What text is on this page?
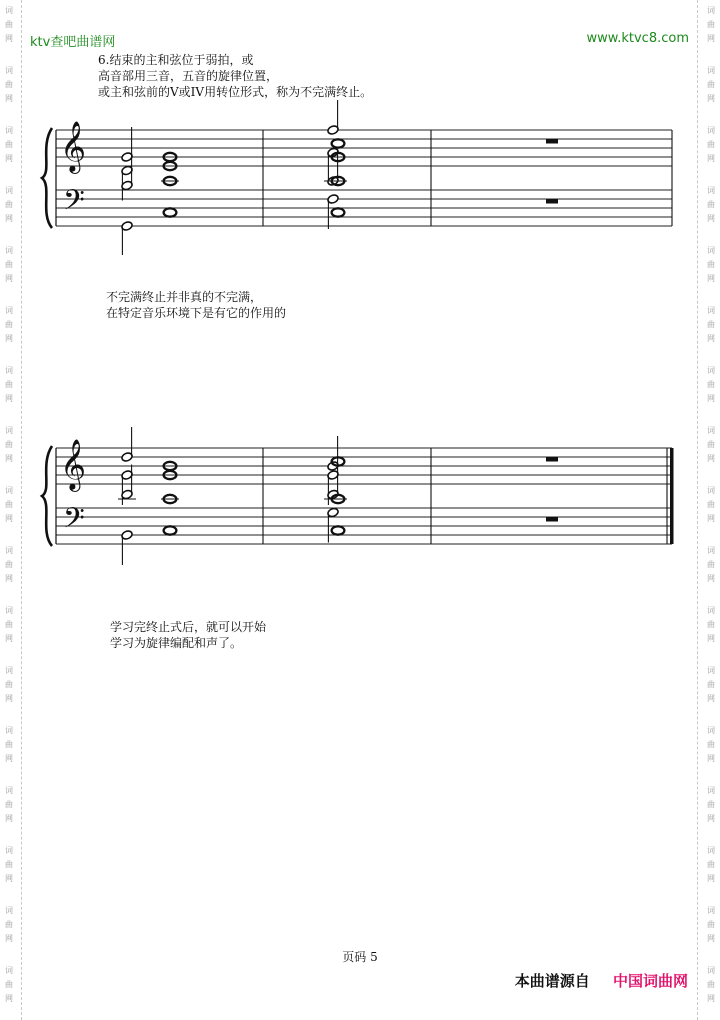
词
曲
网
词
曲
网
词
曲
网
词
曲
网
词
曲
网
词
曲
网
词
曲
网
词
曲
网
词
曲
网
词
曲
网
词
曲
网
词
曲
网
词
曲
网
词
曲
网
词
曲
网
词
曲
网
词
曲
网
词
曲
网
词
曲
网
词
曲
网
词
曲
网
词
曲
网
词
曲
网
词
曲
网
词
曲
网
词
曲
网
词
曲
网
词
曲
网
词
曲
网
词
曲
网
词
曲
网
词
曲
网
词
曲
网
词
曲
网
ktv查吧曲谱网	www.ktvc8.com
6.结束的主和弦位于弱拍，或
高音部用三音，五音的旋律位置，
或主和弦前的V或IV用转位形式，称为不完满终止。
𝄞
𝄢
不完满终止并非真的不完满，
在特定音乐环境下是有它的作用的
𝄞
𝄢
学习完终止式后，就可以开始
学习为旋律编配和声了。
页码 5
本曲谱源自 中国词曲网
